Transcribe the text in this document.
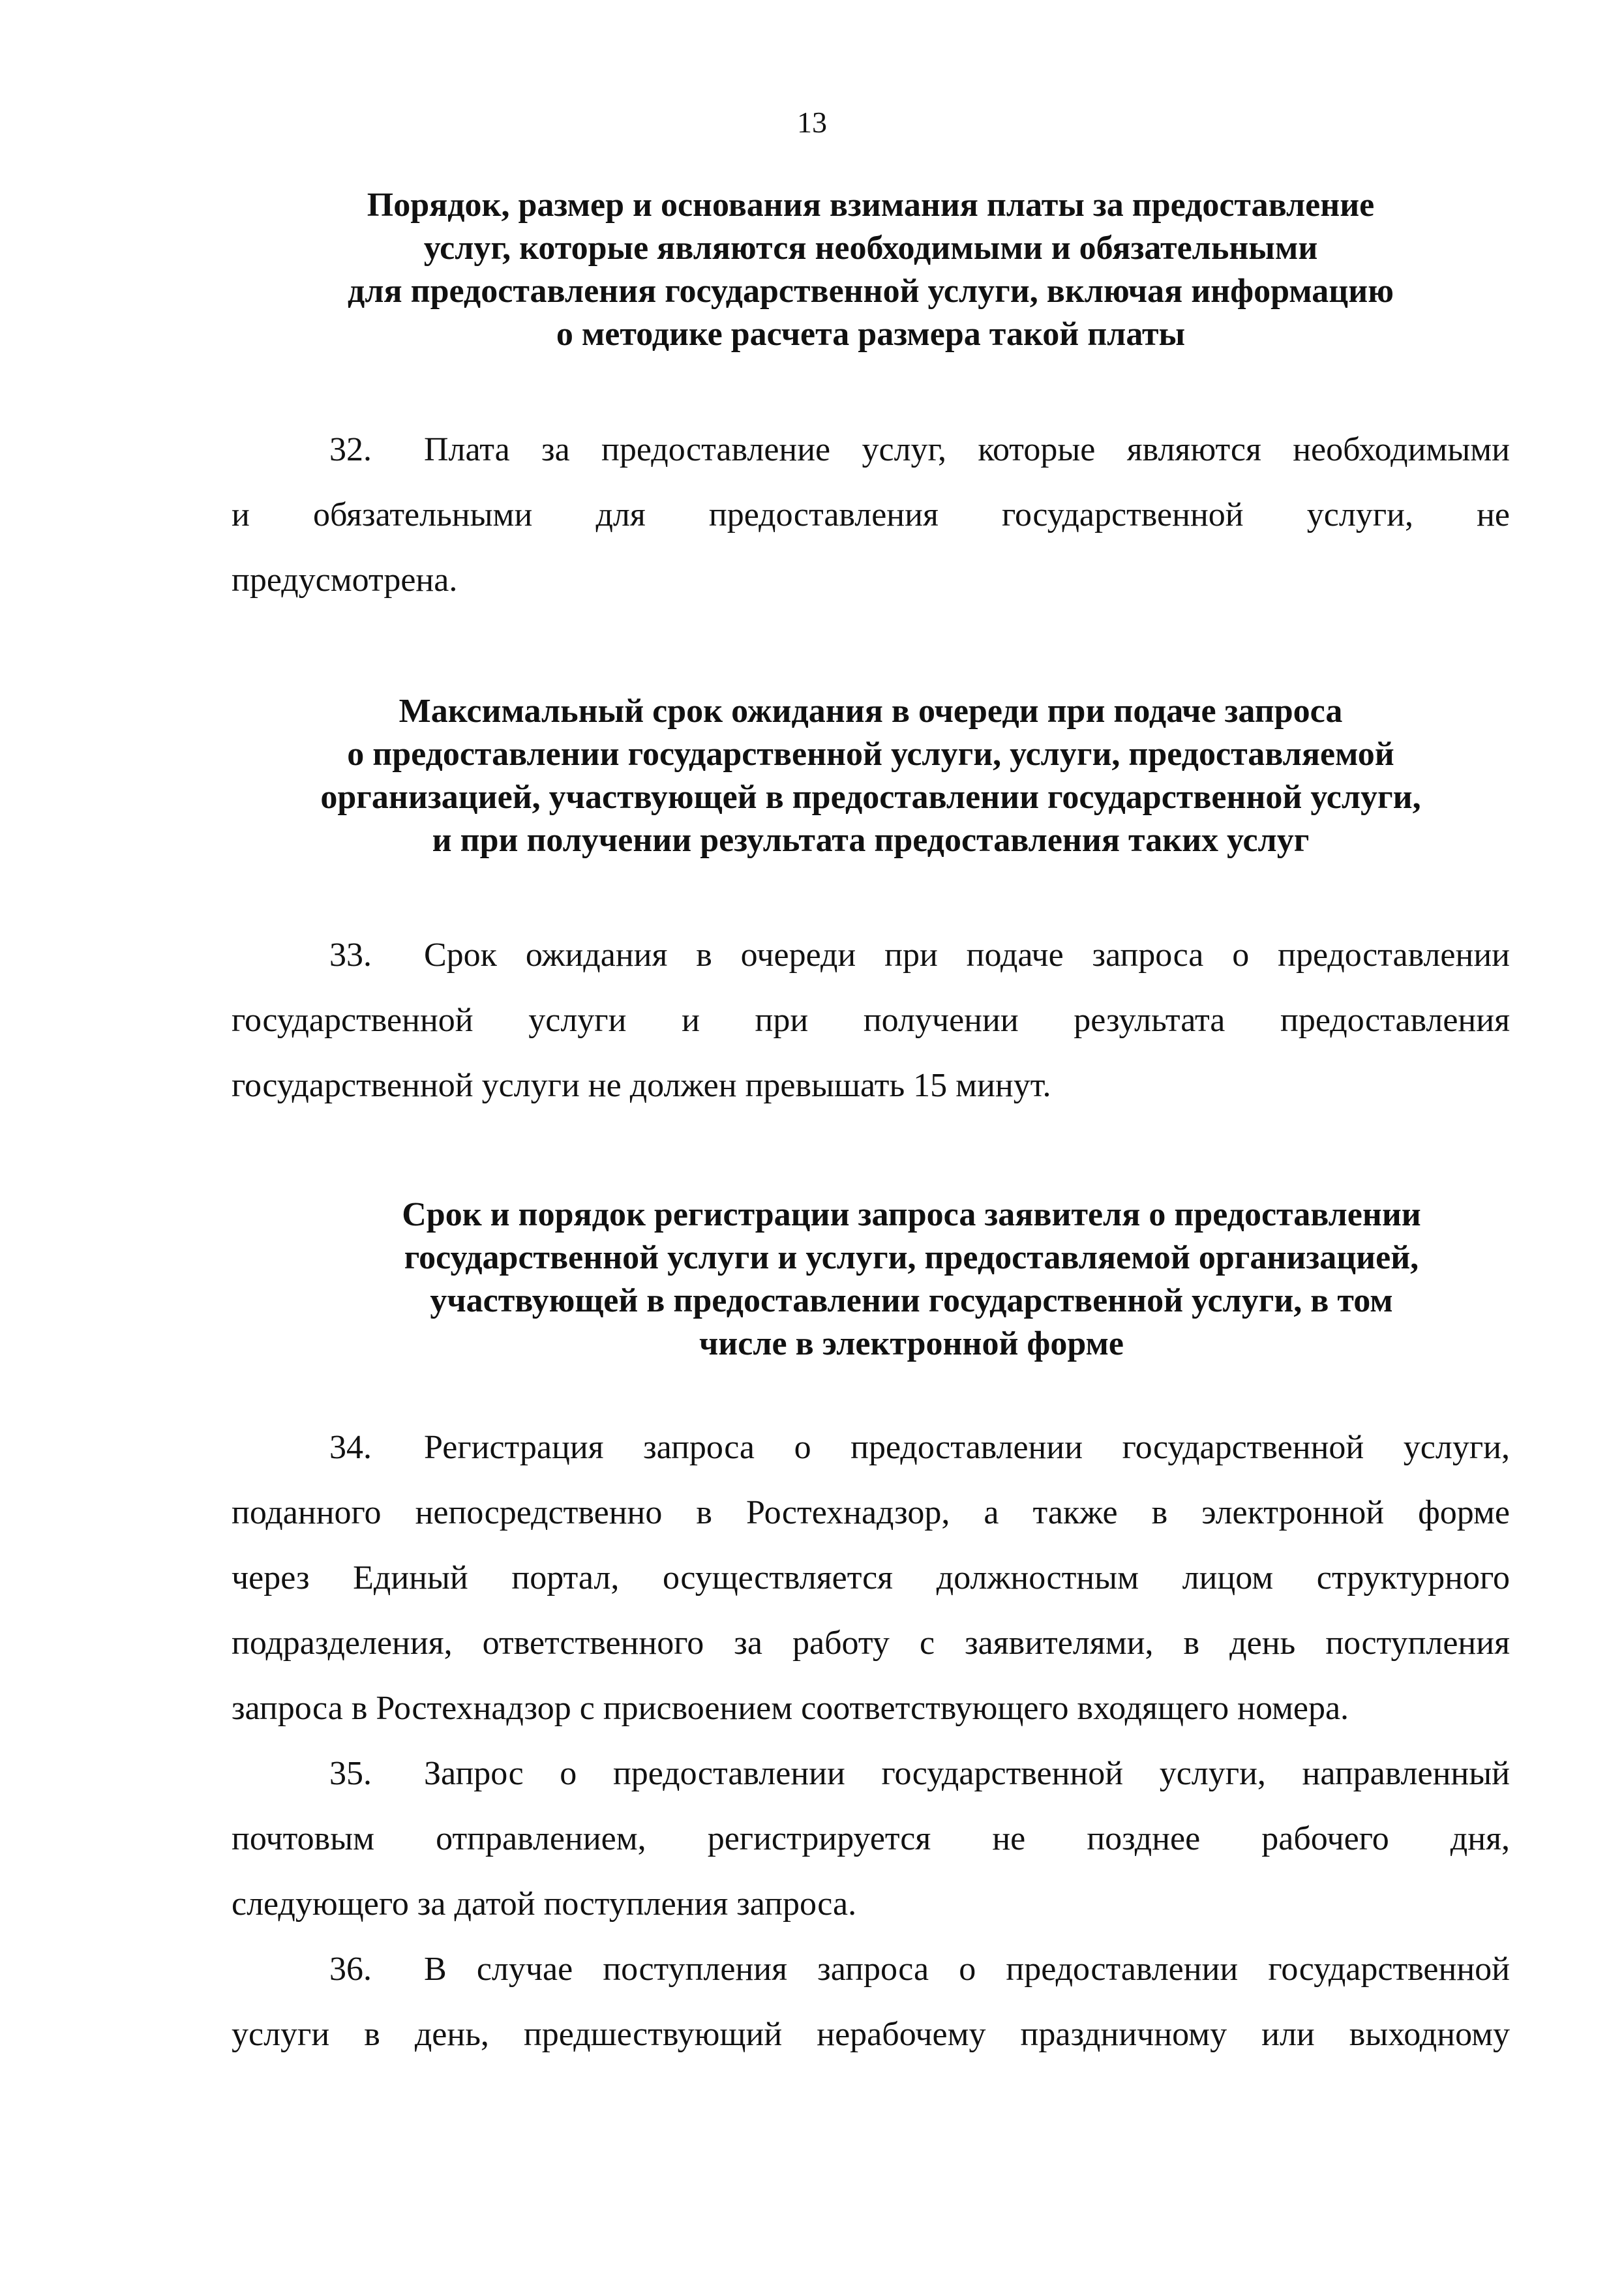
13
Порядок, размер и основания взимания платы за предоставление
услуг, которые являются необходимыми и обязательными
для предоставления государственной услуги, включая информацию
о методике расчета размера такой платы
32. Плата за предоставление услуг, которые являются необходимыми
и обязательными для предоставления государственной услуги, не
предусмотрена.
Максимальный срок ожидания в очереди при подаче запроса
о предоставлении государственной услуги, услуги, предоставляемой
организацией, участвующей в предоставлении государственной услуги,
и при получении результата предоставления таких услуг
33. Срок ожидания в очереди при подаче запроса о предоставлении
государственной услуги и при получении результата предоставления
государственной услуги не должен превышать 15 минут.
Срок и порядок регистрации запроса заявителя о предоставлении
государственной услуги и услуги, предоставляемой организацией,
участвующей в предоставлении государственной услуги, в том
числе в электронной форме
34. Регистрация запроса о предоставлении государственной услуги,
поданного непосредственно в Ростехнадзор, а также в электронной форме
через Единый портал, осуществляется должностным лицом структурного
подразделения, ответственного за работу с заявителями, в день поступления
запроса в Ростехнадзор с присвоением соответствующего входящего номера.
35. Запрос о предоставлении государственной услуги, направленный
почтовым отправлением, регистрируется не позднее рабочего дня,
следующего за датой поступления запроса.
36. В случае поступления запроса о предоставлении государственной
услуги в день, предшествующий нерабочему праздничному или выходному
